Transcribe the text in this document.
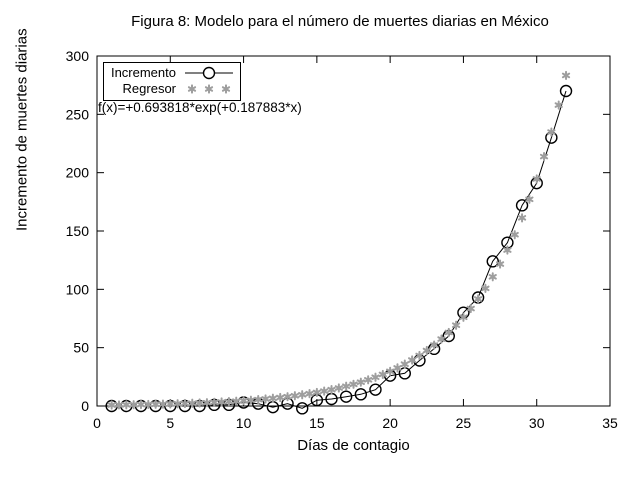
Figura 8: Modelo para el número de muertes diarias en México
0	5	10	15	20	25	30	35
0
50
100
150
200
250
300
Incremento de muertes diarias
Días de contagio
Incremento
Regresor
f(x)=+0.693818*exp(+0.187883*x)
